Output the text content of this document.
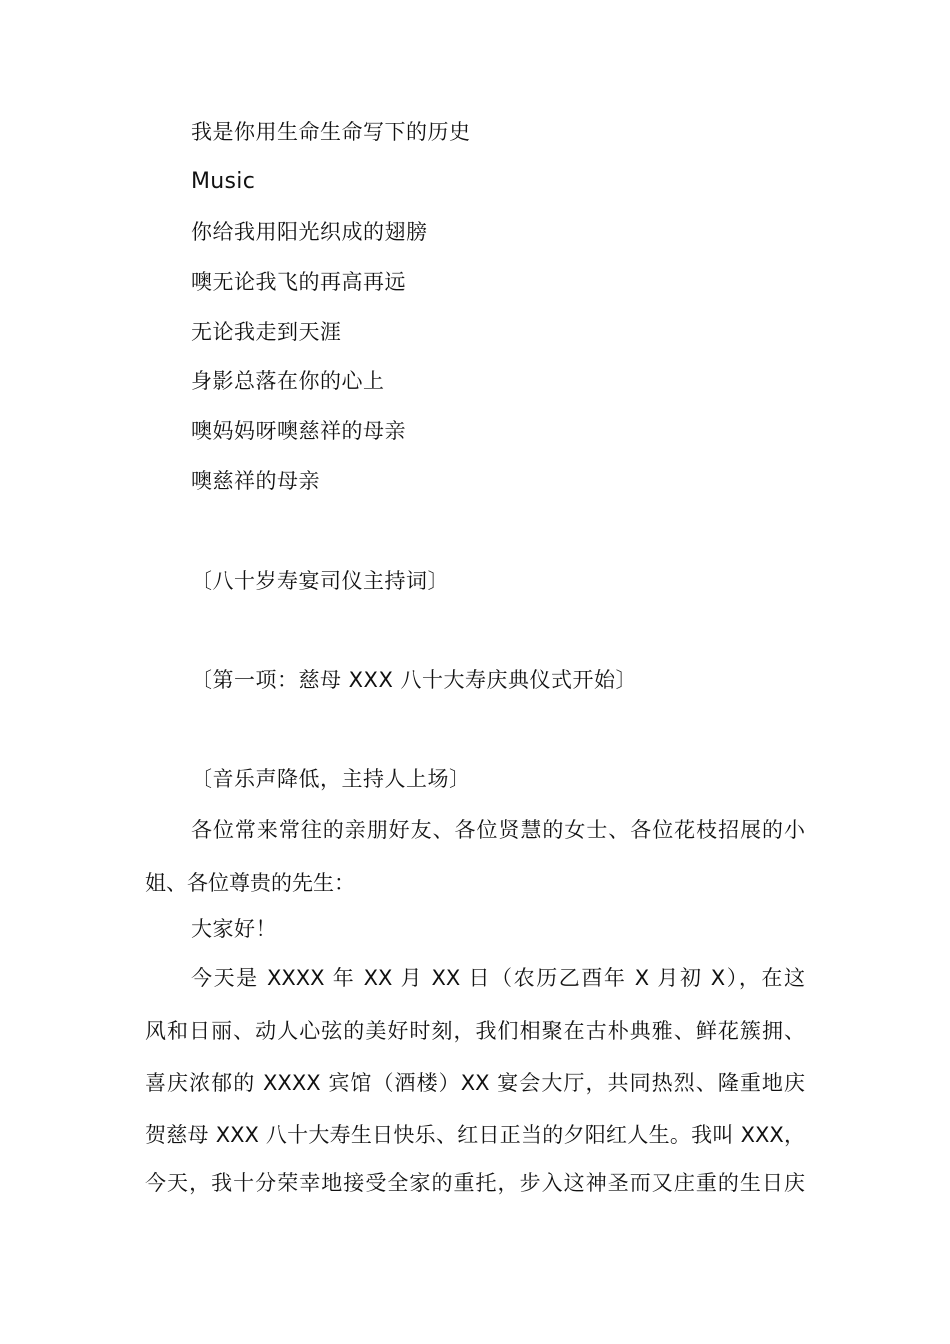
我是你用生命生命写下的历史
Music
你给我用阳光织成的翅膀
噢无论我飞的再高再远
无论我走到天涯
身影总落在你的心上
噢妈妈呀噢慈祥的母亲
噢慈祥的母亲
〔八十岁寿宴司仪主持词〕
〔第一项：慈母 XXX 八十大寿庆典仪式开始〕
〔音乐声降低，主持人上场〕
各位常来常往的亲朋好友、各位贤慧的女士、各位花枝招展的小
姐、各位尊贵的先生：
大家好！
今天是 XXXX 年 XX 月 XX 日（农历乙酉年 X 月初 X），在这
风和日丽、动人心弦的美好时刻，我们相聚在古朴典雅、鲜花簇拥、
喜庆浓郁的 XXXX 宾馆（酒楼）XX 宴会大厅，共同热烈、隆重地庆
贺慈母 XXX 八十大寿生日快乐、红日正当的夕阳红人生。我叫 XXX，
今天，我十分荣幸地接受全家的重托，步入这神圣而又庄重的生日庆
